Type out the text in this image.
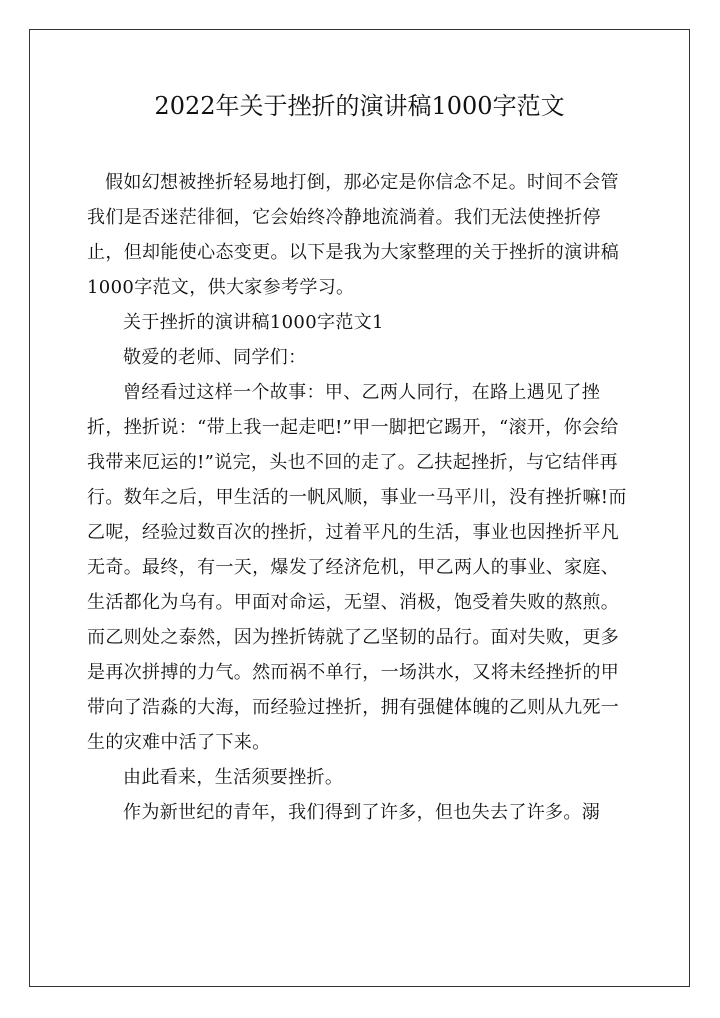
2022年关于挫折的演讲稿1000字范文

假如幻想被挫折轻易地打倒，那必定是你信念不足。时间不会管我们是否迷茫徘徊，它会始终冷静地流淌着。我们无法使挫折停止，但却能使心态变更。以下是我为大家整理的关于挫折的演讲稿1000字范文，供大家参考学习。

关于挫折的演讲稿1000字范文1

敬爱的老师、同学们：

曾经看过这样一个故事：甲、乙两人同行，在路上遇见了挫折，挫折说：“带上我一起走吧!”甲一脚把它踢开，“滚开，你会给我带来厄运的!”说完，头也不回的走了。乙扶起挫折，与它结伴再行。数年之后，甲生活的一帆风顺，事业一马平川，没有挫折嘛!而乙呢，经验过数百次的挫折，过着平凡的生活，事业也因挫折平凡无奇。最终，有一天，爆发了经济危机，甲乙两人的事业、家庭、生活都化为乌有。甲面对命运，无望、消极，饱受着失败的熬煎。而乙则处之泰然，因为挫折铸就了乙坚韧的品行。面对失败，更多是再次拼搏的力气。然而祸不单行，一场洪水，又将未经挫折的甲带向了浩淼的大海，而经验过挫折，拥有强健体魄的乙则从九死一生的灾难中活了下来。

由此看来，生活须要挫折。

作为新世纪的青年，我们得到了许多，但也失去了许多。溺
